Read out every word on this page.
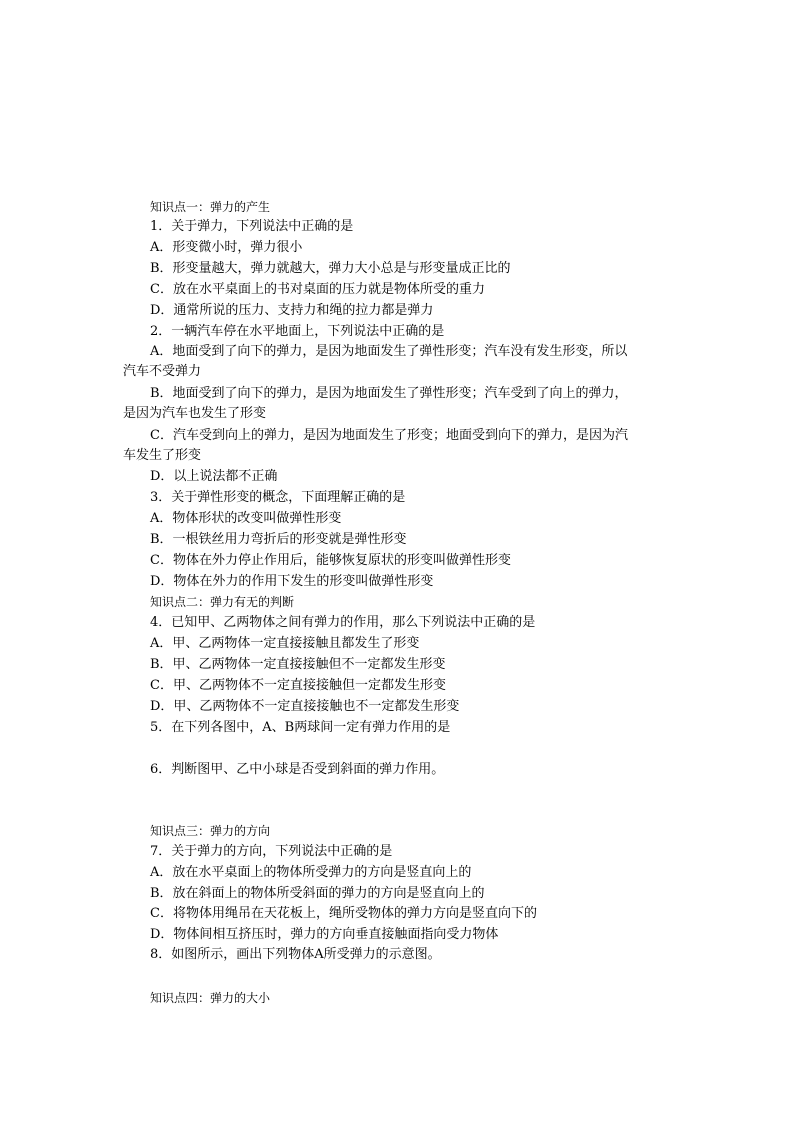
知识点一：弹力的产生
1．关于弹力，下列说法中正确的是
A．形变微小时，弹力很小
B．形变量越大，弹力就越大，弹力大小总是与形变量成正比的
C．放在水平桌面上的书对桌面的压力就是物体所受的重力
D．通常所说的压力、支持力和绳的拉力都是弹力
2．一辆汽车停在水平地面上，下列说法中正确的是
A．地面受到了向下的弹力，是因为地面发生了弹性形变；汽车没有发生形变，所以
汽车不受弹力
B．地面受到了向下的弹力，是因为地面发生了弹性形变；汽车受到了向上的弹力，
是因为汽车也发生了形变
C．汽车受到向上的弹力，是因为地面发生了形变；地面受到向下的弹力，是因为汽
车发生了形变
D．以上说法都不正确
3．关于弹性形变的概念，下面理解正确的是
A．物体形状的改变叫做弹性形变
B．一根铁丝用力弯折后的形变就是弹性形变
C．物体在外力停止作用后，能够恢复原状的形变叫做弹性形变
D．物体在外力的作用下发生的形变叫做弹性形变
知识点二：弹力有无的判断
4．已知甲、乙两物体之间有弹力的作用，那么下列说法中正确的是
A．甲、乙两物体一定直接接触且都发生了形变
B．甲、乙两物体一定直接接触但不一定都发生形变
C．甲、乙两物体不一定直接接触但一定都发生形变
D．甲、乙两物体不一定直接接触也不一定都发生形变
5．在下列各图中，A、B两球间一定有弹力作用的是
6．判断图甲、乙中小球是否受到斜面的弹力作用。
知识点三：弹力的方向
7．关于弹力的方向，下列说法中正确的是
A．放在水平桌面上的物体所受弹力的方向是竖直向上的
B．放在斜面上的物体所受斜面的弹力的方向是竖直向上的
C．将物体用绳吊在天花板上，绳所受物体的弹力方向是竖直向下的
D．物体间相互挤压时，弹力的方向垂直接触面指向受力物体
8．如图所示，画出下列物体A所受弹力的示意图。
知识点四：弹力的大小
